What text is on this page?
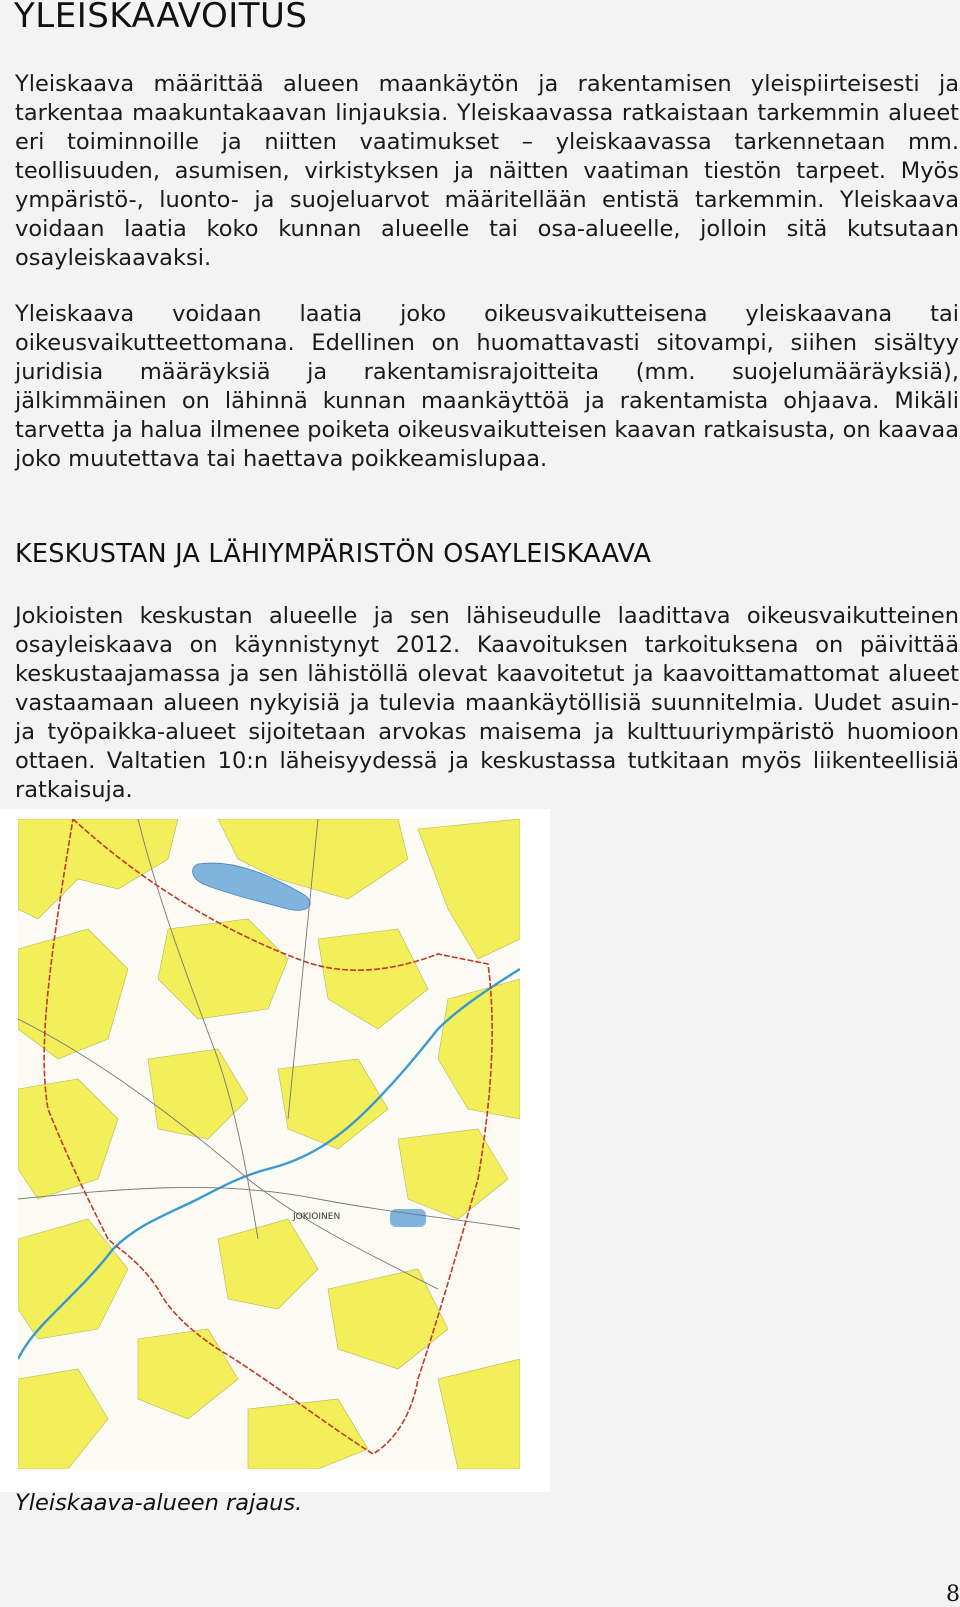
YLEISKAAVOITUS

Yleiskaava määrittää alueen maankäytön ja rakentamisen yleispiirteisesti ja tarkentaa maakuntakaavan linjauksia. Yleiskaavassa ratkaistaan tarkemmin alueet eri toiminnoille ja niitten vaatimukset – yleiskaavassa tarkennetaan mm. teollisuuden, asumisen, virkistyksen ja näitten vaatiman tiestön tarpeet. Myös ympäristö-, luonto- ja suojeluarvot määritellään entistä tarkemmin. Yleiskaava voidaan laatia koko kunnan alueelle tai osa-alueelle, jolloin sitä kutsutaan osayleiskaavaksi.

Yleiskaava voidaan laatia joko oikeusvaikutteisena yleiskaavana tai oikeusvaikutteettomana. Edellinen on huomattavasti sitovampi, siihen sisältyy juridisia määräyksiä ja rakentamisrajoitteita (mm. suojelumääräyksiä), jälkimmäinen on lähinnä kunnan maankäyttöä ja rakentamista ohjaava. Mikäli tarvetta ja halua ilmenee poiketa oikeusvaikutteisen kaavan ratkaisusta, on kaavaa joko muutettava tai haettava poikkeamislupaa.

KESKUSTAN JA LÄHIYMPÄRISTÖN OSAYLEISKAAVA

Jokioisten keskustan alueelle ja sen lähiseudulle laadittava oikeusvaikutteinen osayleiskaava on käynnistynyt 2012. Kaavoituksen tarkoituksena on päivittää keskustaajamassa ja sen lähistöllä olevat kaavoitetut ja kaavoittamattomat alueet vastaamaan alueen nykyisiä ja tulevia maankäytöllisiä suunnitelmia. Uudet asuin- ja työpaikka-alueet sijoitetaan arvokas maisema ja kulttuuriympäristö huomioon ottaen. Valtatien 10:n läheisyydessä ja keskustassa tutkitaan myös liikenteellisiä ratkaisuja.

JOKIOINEN

Yleiskaava-alueen rajaus.

8
